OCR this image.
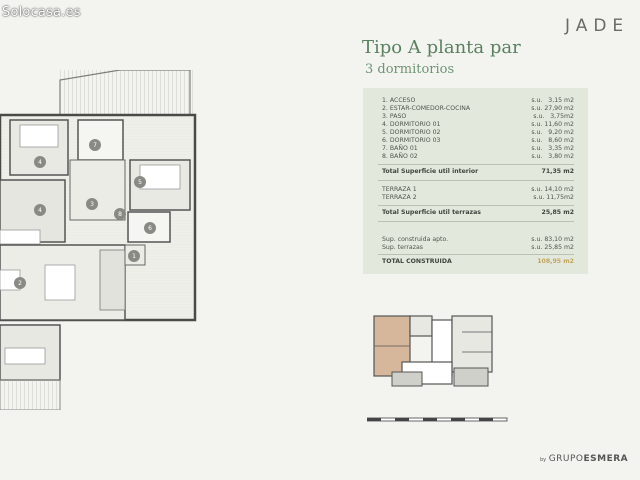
Solocasa.es
4
7
5
4
3
6
8
1
2
JADE
Tipo A planta par
3 dormitorios
1. ACCESO	s.u.   3,15 m2
2. ESTAR-COMEDOR-COCINA	s.u. 27,90 m2
3. PASO	s.u.   3,75m2
4. DORMITORIO 01	s.u. 11,60 m2
5. DORMITORIO 02	s.u.   9,20 m2
6. DORMITORIO 03	s.u.   8,60 m2
7. BAÑO 01	s.u.   3,35 m2
8. BAÑO 02	s.u.   3,80 m2
Total Superficie util interior	71,35 m2
TERRAZA 1	s.u. 14,10 m2
TERRAZA 2	s.u. 11,75m2
Total Superficie util terrazas	25,85 m2
Sup. construida apto.	s.u. 83,10 m2
Sup. terrazas	s.u. 25,85 m2
TOTAL CONSTRUIDA	108,95 m2
by GRUPOESMERA
